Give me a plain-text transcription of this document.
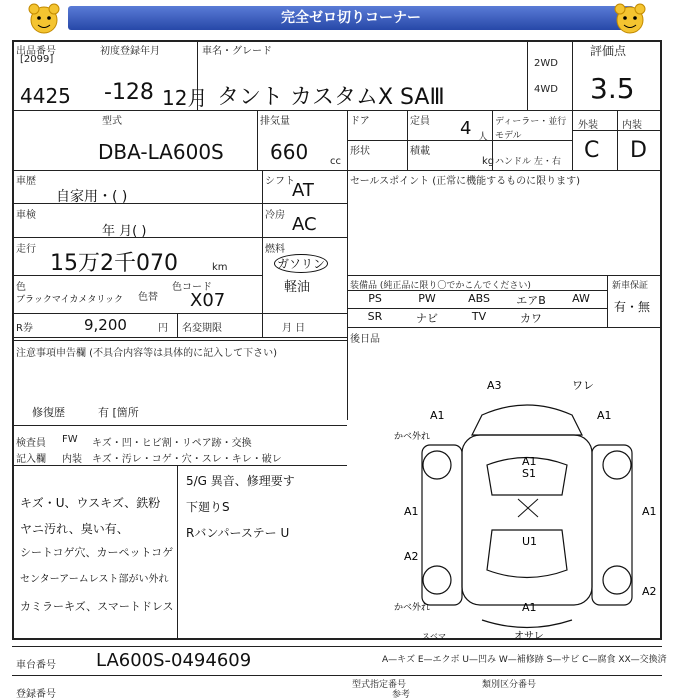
完全ゼロ切りコーナー
出品番号
[2099]
4425
初度登録年月
-128 12月
車名・グレード
タント カスタムX SAⅢ
2WD
4WD
評価点
3.5
型式
DBA-LA600S
排気量
660 cc
ドア	定員 4 人
ディーラー・並行
モデル
形状	積載
kg ハンドル 左・右
外装 内装
C D
車歴
自家用・( )
車検
年 月( )
走行
15万2千070	km
色
ブラックマイカメタリック 色替
色コード
X07
R券	9,200	円 名変期限	月 日
シフト
AT
冷房 AC
燃料
ガソリン
軽油
セールスポイント (正常に機能するものに限ります)
装備品 (純正品に限り〇でかこんでください)	新車保証
有・無
PS	PW	ABS	エアB	AW
SR	ナビ	TV	カワ
後日品
注意事項申告欄 (不具合内容等は具体的に記入して下さい)
修復歴	有 [箇所
検査員
記入欄
FW キズ・凹・ヒビ割・リペア跡・交換
内装 キズ・汚レ・コゲ・穴・スレ・キレ・破レ
キズ・U、ウスキズ、鉄粉
ヤニ汚れ、臭い有、
シートコゲ穴、カーペットコゲ
センターアームレスト部がい外れ
カミラーキズ、スマートドレス
5/G 異音、修理要す
下廻りS
Rバンパーステー U
A3	ワレ
A1	A1
S1
A1
A1
U1
A2
A1
A2
A1
オサレ
スベマ
かベ外れ
かベ外れ
車台番号 LA600S-0494609	A—キズ E—エクボ U—凹み W—補修跡 S—サビ C—腐食 XX—交換済
登録番号
型式指定番号	類別区分番号
参考
